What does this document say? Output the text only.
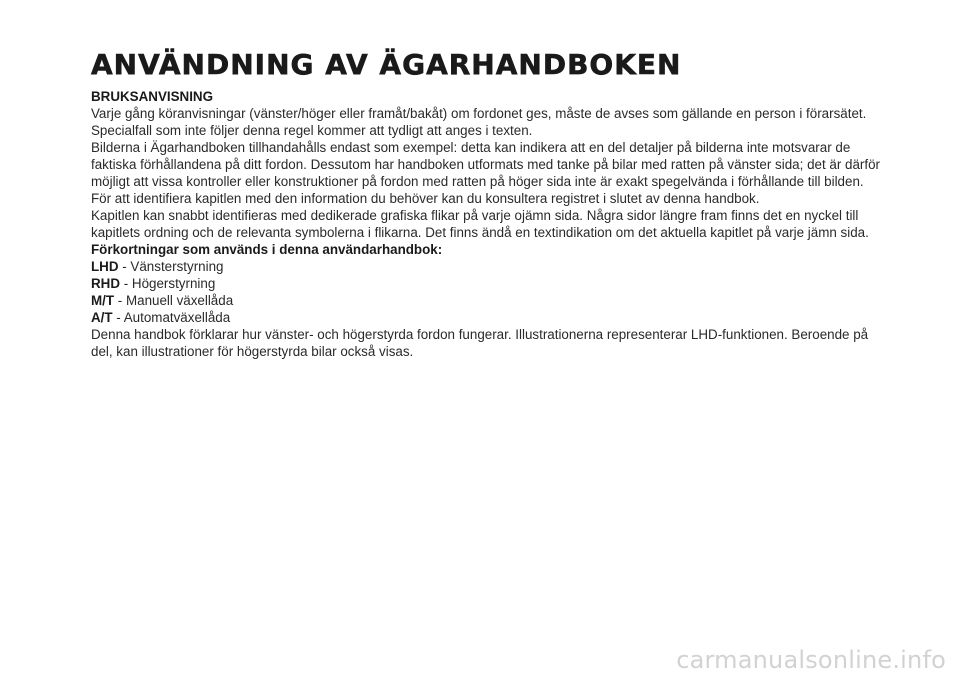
ANVÄNDNING AV ÄGARHANDBOKEN

BRUKSANVISNING

Varje gång köranvisningar (vänster/höger eller framåt/bakåt) om fordonet ges, måste de avses som gällande en person i förarsätet. Specialfall som inte följer denna regel kommer att tydligt att anges i texten.

Bilderna i Ägarhandboken tillhandahålls endast som exempel: detta kan indikera att en del detaljer på bilderna inte motsvarar de faktiska förhållandena på ditt fordon. Dessutom har handboken utformats med tanke på bilar med ratten på vänster sida; det är därför möjligt att vissa kontroller eller konstruktioner på fordon med ratten på höger sida inte är exakt spegelvända i förhållande till bilden.

För att identifiera kapitlen med den information du behöver kan du konsultera registret i slutet av denna handbok.

Kapitlen kan snabbt identifieras med dedikerade grafiska flikar på varje ojämn sida. Några sidor längre fram finns det en nyckel till kapitlets ordning och de relevanta symbolerna i flikarna. Det finns ändå en textindikation om det aktuella kapitlet på varje jämn sida.

Förkortningar som används i denna användarhandbok:

LHD - Vänsterstyrning

RHD - Högerstyrning

M/T - Manuell växellåda

A/T - Automatväxellåda

Denna handbok förklarar hur vänster- och högerstyrda fordon fungerar. Illustrationerna representerar LHD-funktionen. Beroende på del, kan illustrationer för högerstyrda bilar också visas.

carmanualsonline.info
